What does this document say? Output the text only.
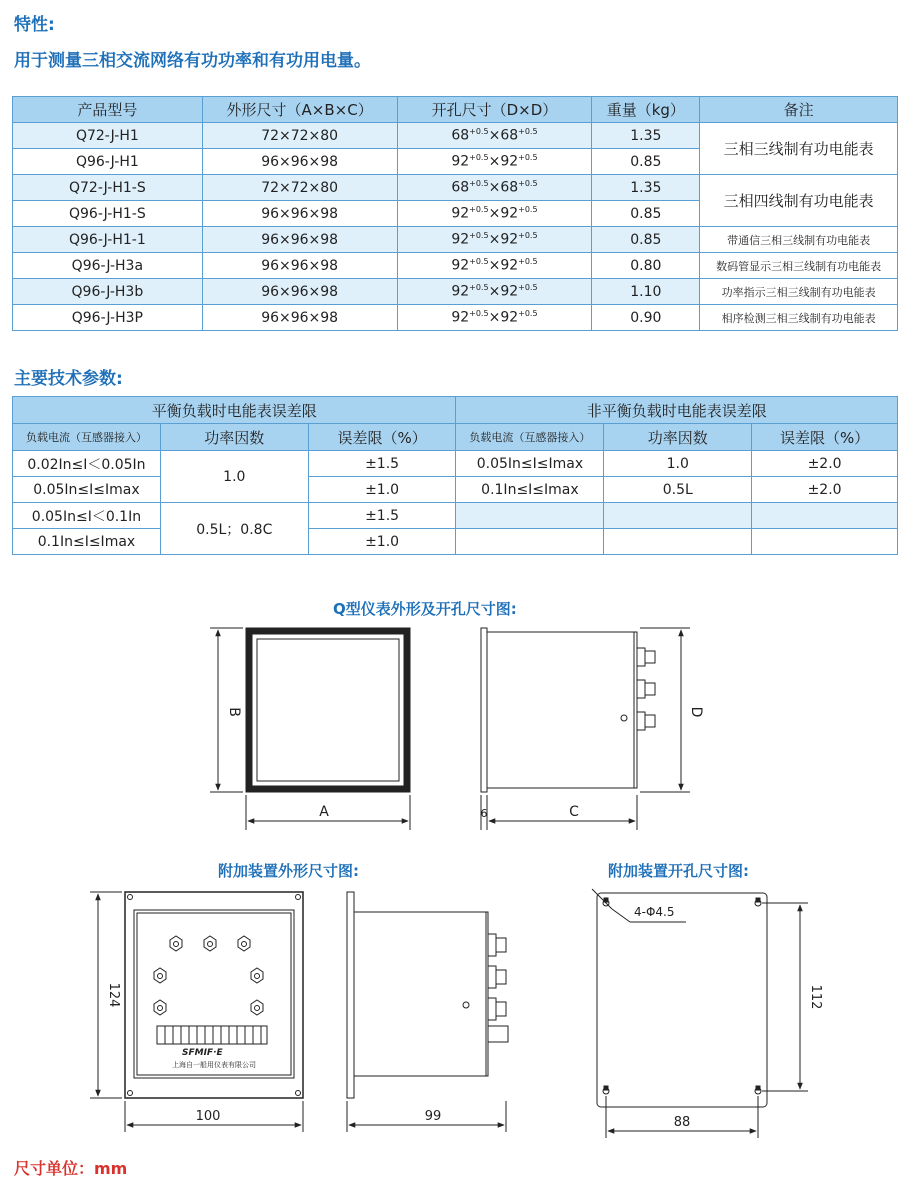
特性:
用于测量三相交流网络有功功率和有功用电量。
产品型号	外形尺寸（A×B×C）	开孔尺寸（D×D）	重量（kg）	备注
Q72-J-H1	72×72×80	$68^{+0.5}\times 68^{+0.5}$	1.35	三相三线制有功电能表
Q96-J-H1	96×96×98	$92^{+0.5}\times 92^{+0.5}$	0.85	
Q72-J-H1-S	72×72×80	$68^{+0.5}\times 68^{+0.5}$	1.35	三相四线制有功电能表
Q96-J-H1-S	96×96×98	$92^{+0.5}\times 92^{+0.5}$	0.85	
Q96-J-H1-1	96×96×98	$92^{+0.5}\times 92^{+0.5}$	0.85	带通信三相三线制有功电能表
Q96-J-H3a	96×96×98	$92^{+0.5}\times 92^{+0.5}$	0.80	数码管显示三相三线制有功电能表
Q96-J-H3b	96×96×98	$92^{+0.5}\times 92^{+0.5}$	1.10	功率指示三相三线制有功电能表
Q96-J-H3P	96×96×98	$92^{+0.5}\times 92^{+0.5}$	0.90	相序检测三相三线制有功电能表
主要技术参数:
平衡负载时电能表误差限			非平衡负载时电能表误差限		
负载电流（互感器接入）	功率因数	误差限（%）	负载电流（互感器接入）	功率因数	误差限（%）
0.02In≤I＜0.05In	1.0	±1.5	0.05In≤I≤Imax	1.0	±2.0
0.05In≤I≤Imax		±1.0	0.1In≤I≤Imax	0.5L	±2.0
0.05In≤I＜0.1In	0.5L；0.8C	±1.5			
0.1In≤I≤Imax		±1.0			
Q型仪表外形及开孔尺寸图:
附加装置外形尺寸图:	附加装置开孔尺寸图:
A
B
C
D
6
SFMIF·E
上海自一船用仪表有限公司
100
124
99
4-Φ4.5
88
112
尺寸单位：mm
